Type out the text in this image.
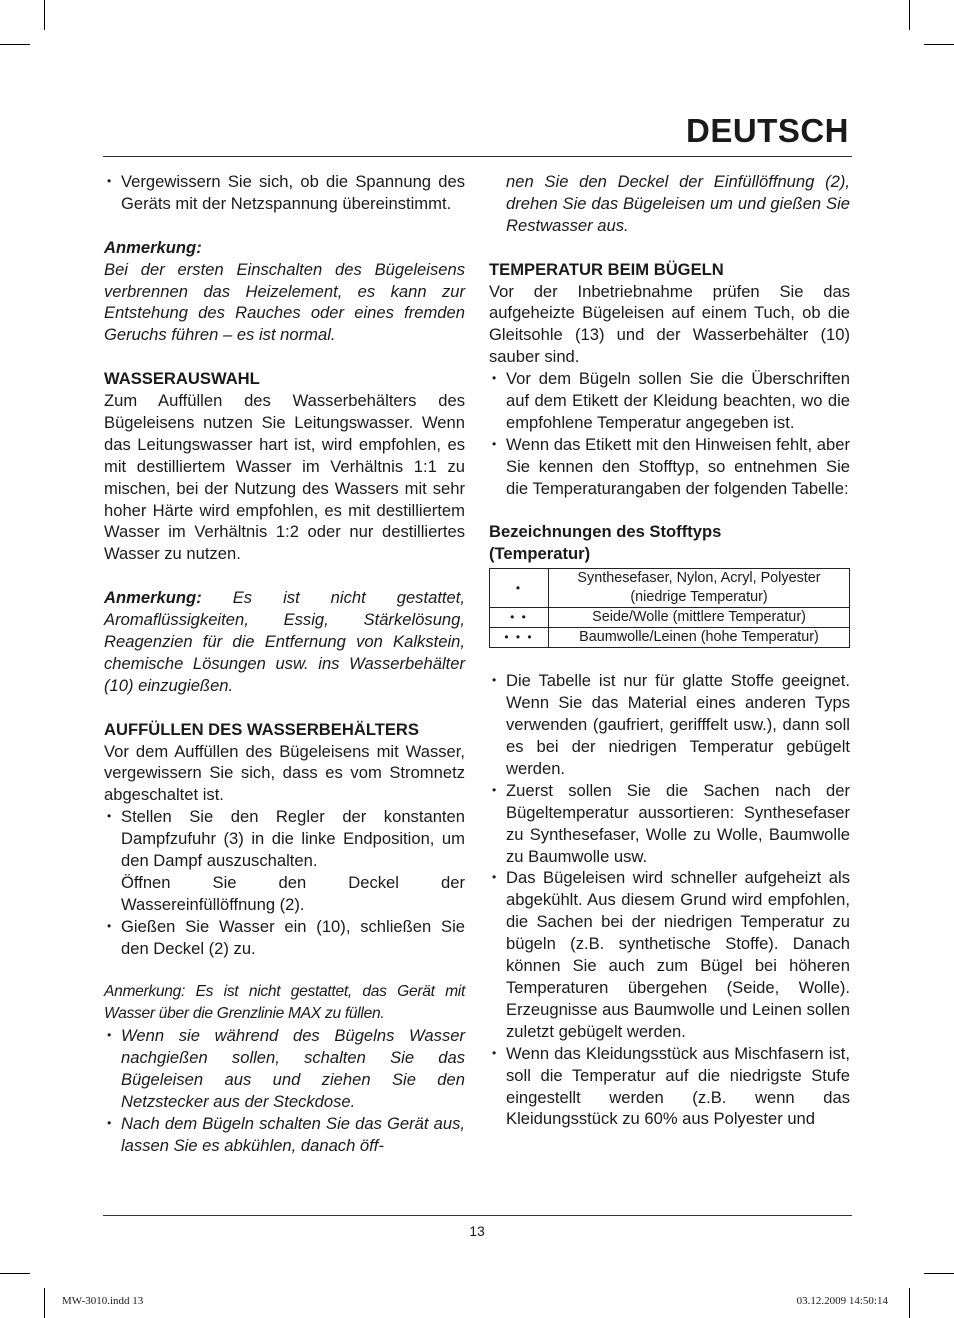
DEUTSCH
• Vergewissern Sie sich, ob die Spannung des Geräts mit der Netzspannung übereinstimmt.

Anmerkung:

Bei der ersten Einschalten des Bügeleisens verbrennen das Heizelement, es kann zur Entstehung des Rauches oder eines fremden Geruchs führen – es ist normal.

WASSERAUSWAHL

Zum Auffüllen des Wasserbehälters des Bügeleisens nutzen Sie Leitungswasser. Wenn das Leitungswasser hart ist, wird empfohlen, es mit destilliertem Wasser im Verhältnis 1:1 zu mischen, bei der Nutzung des Wassers mit sehr hoher Härte wird empfohlen, es mit destilliertem Wasser im Verhältnis 1:2 oder nur destilliertes Wasser zu nutzen.

Anmerkung: Es ist nicht gestattet, Aromaflüssigkeiten, Essig, Stärkelösung, Reagenzien für die Entfernung von Kalkstein, chemische Lösungen usw. ins Wasserbehälter (10) einzugießen.

AUFFÜLLEN DES WASSERBEHÄLTERS

Vor dem Auffüllen des Bügeleisens mit Wasser, vergewissern Sie sich, dass es vom Stromnetz abgeschaltet ist.

• Stellen Sie den Regler der konstanten Dampfzufuhr (3) in die linke Endposition, um den Dampf auszuschalten.
Öffnen Sie den Deckel der Wassereinfüllöffnung (2).
• Gießen Sie Wasser ein (10), schließen Sie den Deckel (2) zu.

Anmerkung: Es ist nicht gestattet, das Gerät mit Wasser über die Grenzlinie MAX zu füllen.

• Wenn sie während des Bügelns Wasser nachgießen sollen, schalten Sie das Bügeleisen aus und ziehen Sie den Netzstecker aus der Steckdose.
• Nach dem Bügeln schalten Sie das Gerät aus, lassen Sie es abkühlen, danach öff-

nen Sie den Deckel der Einfüllöffnung (2), drehen Sie das Bügeleisen um und gießen Sie Restwasser aus.

TEMPERATUR BEIM BÜGELN

Vor der Inbetriebnahme prüfen Sie das aufgeheizte Bügeleisen auf einem Tuch, ob die Gleitsohle (13) und der Wasserbehälter (10) sauber sind.

• Vor dem Bügeln sollen Sie die Überschriften auf dem Etikett der Kleidung beachten, wo die empfohlene Temperatur angegeben ist.
• Wenn das Etikett mit den Hinweisen fehlt, aber Sie kennen den Stofftyp, so entnehmen Sie die Temperaturangaben der folgenden Tabelle:

Bezeichnungen des Stofftyps

(Temperatur)

•	Synthesefaser, Nylon, Acryl, Polyester (niedrige Temperatur)
• •	Seide/Wolle (mittlere Temperatur)
• • •	Baumwolle/Leinen (hohe Temperatur)
• Die Tabelle ist nur für glatte Stoffe geeignet. Wenn Sie das Material eines anderen Typs verwenden (gaufriert, gerifffelt usw.), dann soll es bei der niedrigen Temperatur gebügelt werden.
• Zuerst sollen Sie die Sachen nach der Bügeltemperatur aussortieren: Synthesefaser zu Synthesefaser, Wolle zu Wolle, Baumwolle zu Baumwolle usw.
• Das Bügeleisen wird schneller aufgeheizt als abgekühlt. Aus diesem Grund wird empfohlen, die Sachen bei der niedrigen Temperatur zu bügeln (z.B. synthetische Stoffe). Danach können Sie auch zum Bügel bei höheren Temperaturen übergehen (Seide, Wolle). Erzeugnisse aus Baumwolle und Leinen sollen zuletzt gebügelt werden.
• Wenn das Kleidungsstück aus Mischfasern ist, soll die Temperatur auf die niedrigste Stufe eingestellt werden (z.B. wenn das Kleidungsstück zu 60% aus Polyester und
13
MW-3010.indd 13	03.12.2009 14:50:14
